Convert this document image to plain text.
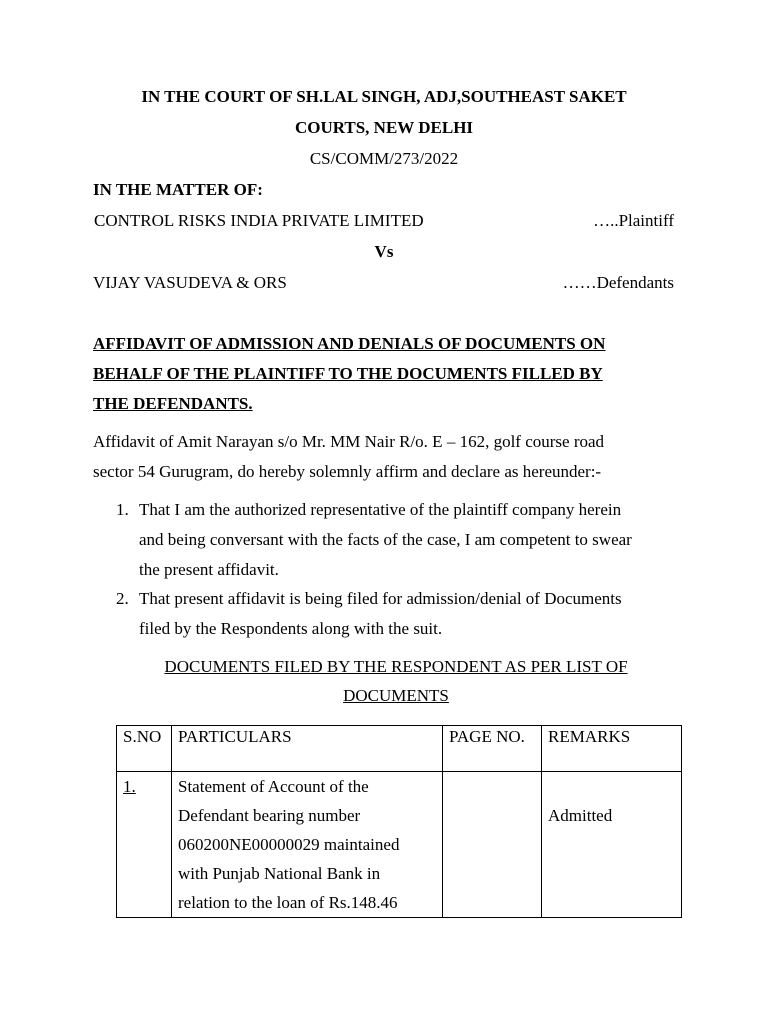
IN THE COURT OF SH.LAL SINGH, ADJ,SOUTHEAST SAKET
COURTS, NEW DELHI
CS/COMM/273/2022
IN THE MATTER OF:
CONTROL RISKS INDIA PRIVATE LIMITED	…..Plaintiff
Vs
VIJAY VASUDEVA & ORS	……Defendants
AFFIDAVIT OF ADMISSION AND DENIALS OF DOCUMENTS ON
BEHALF OF THE PLAINTIFF TO THE DOCUMENTS FILLED BY
THE DEFENDANTS.
Affidavit of Amit Narayan s/o Mr. MM Nair R/o. E – 162, golf course road
sector 54 Gurugram, do hereby solemnly affirm and declare as hereunder:-
1. That I am the authorized representative of the plaintiff company herein
and being conversant with the facts of the case, I am competent to swear
the present affidavit.
2. That present affidavit is being filed for admission/denial of Documents
filed by the Respondents along with the suit.
DOCUMENTS FILED BY THE RESPONDENT AS PER LIST OF
DOCUMENTS
S.NO	PARTICULARS	PAGE NO.	REMARKS
1.	Statement of Account of the
Defendant bearing number
060200NE00000029 maintained
with Punjab National Bank in
relation to the loan of Rs.148.46		Admitted
